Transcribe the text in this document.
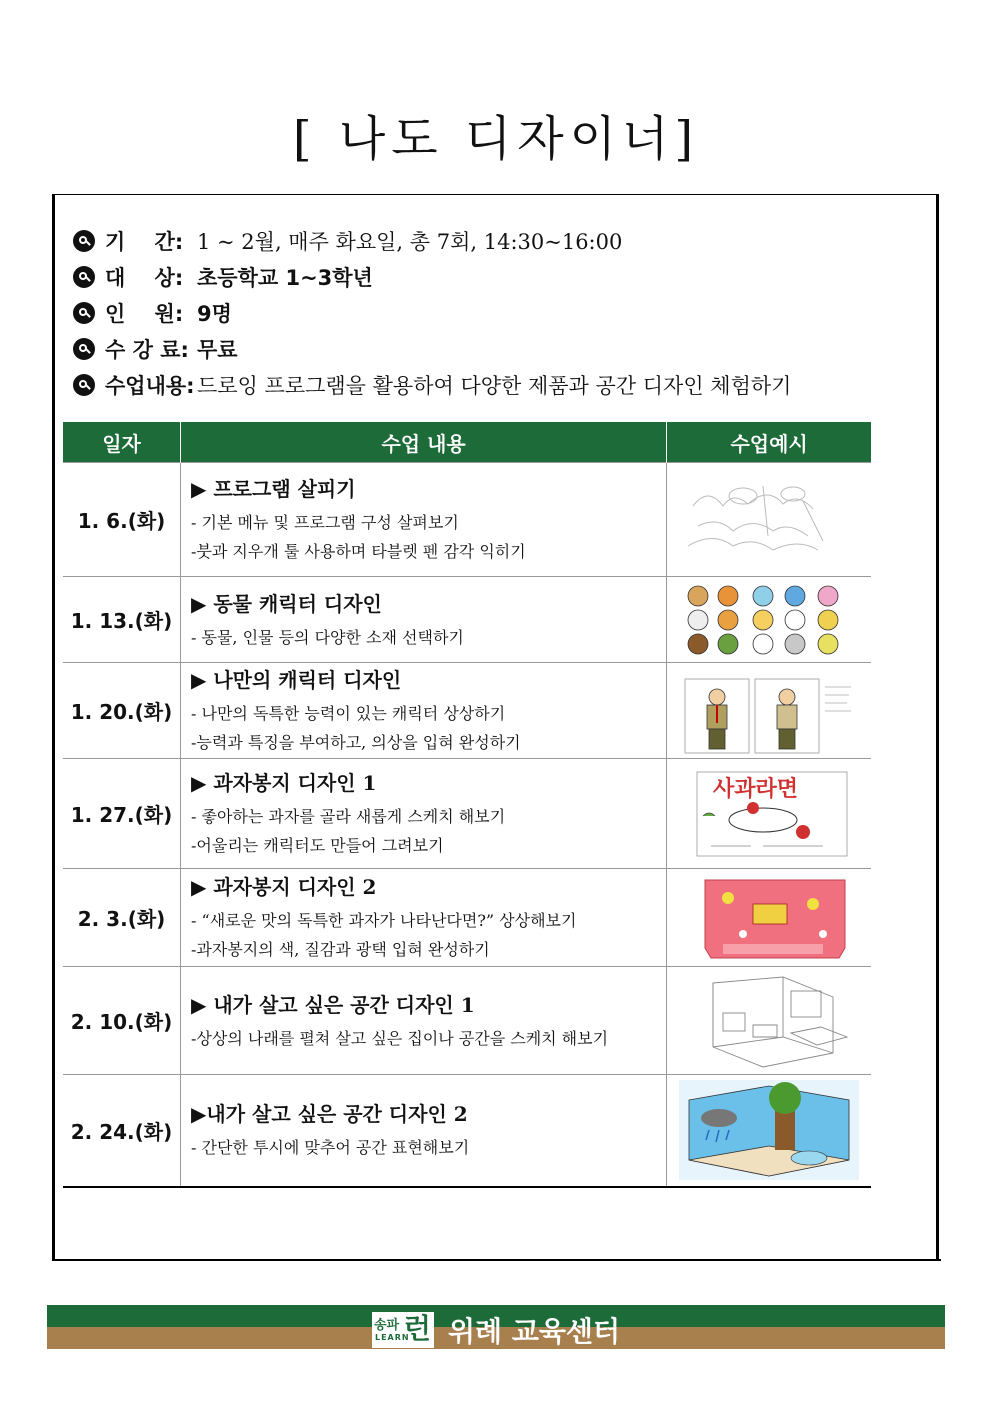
[ 나도 디자이너]
기    간: 1 ~ 2월, 매주 화요일, 총 7회, 14:30~16:00
대    상: 초등학교 1~3학년
인    원: 9명
수 강 료: 무료
수업내용: 드로잉 프로그램을 활용하여 다양한 제품과 공간 디자인 체험하기
일자	수업 내용	수업예시
1. 6.(화)	▶ 프로그램 살피기
- 기본 메뉴 및 프로그램 구성 살펴보기
-붓과 지우개 툴 사용하며 타블렛 펜 감각 익히기

1. 13.(화)	▶ 동물 캐릭터 디자인
- 동물, 인물 등의 다양한 소재 선택하기

1. 20.(화)	▶ 나만의 캐릭터 디자인
- 나만의 독특한 능력이 있는 캐릭터 상상하기
-능력과 특징을 부여하고, 의상을 입혀 완성하기

1. 27.(화)	▶ 과자봉지 디자인 1
- 좋아하는 과자를 골라 새롭게 스케치 해보기
-어울리는 캐릭터도 만들어 그려보기	사과라면

2. 3.(화)	▶ 과자봉지 디자인 2
- “새로운 맛의 독특한 과자가 나타난다면?” 상상해보기
-과자봉지의 색, 질감과 광택 입혀 완성하기

2. 10.(화)	▶ 내가 살고 싶은 공간 디자인 1
-상상의 나래를 펼쳐 살고 싶은 집이나 공간을 스케치 해보기

2. 24.(화)	▶내가 살고 싶은 공간 디자인 2
- 간단한 투시에 맞추어 공간 표현해보기

송파
LEARN
런 위례 교육센터
